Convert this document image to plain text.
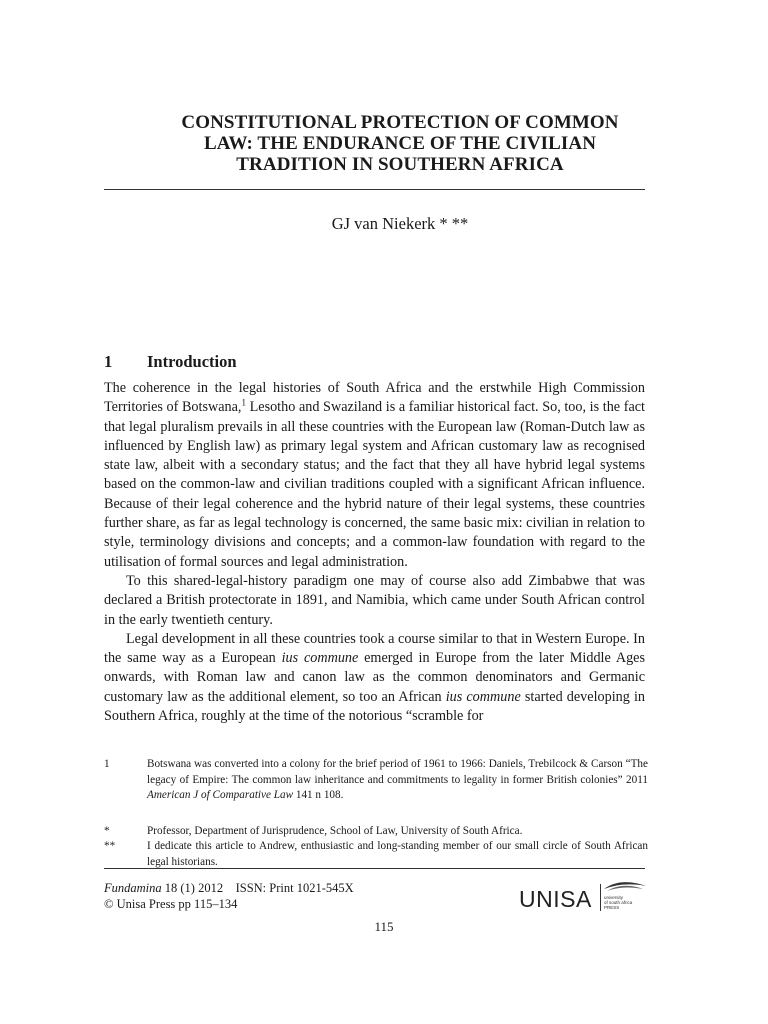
CONSTITUTIONAL PROTECTION OF COMMON
LAW: THE ENDURANCE OF THE CIVILIAN
TRADITION IN SOUTHERN AFRICA
GJ van Niekerk * **
1 Introduction

The coherence in the legal histories of South Africa and the erstwhile High Commission Territories of Botswana,$^1$ Lesotho and Swaziland is a familiar historical fact. So, too, is the fact that legal pluralism prevails in all these countries with the European law (Roman-Dutch law as influenced by English law) as primary legal system and African customary law as recognised state law, albeit with a secondary status; and the fact that they all have hybrid legal systems based on the common-law and civilian traditions coupled with a significant African influence. Because of their legal coherence and the hybrid nature of their legal systems, these countries further share, as far as legal technology is concerned, the same basic mix: civilian in relation to style, terminology divisions and concepts; and a common-law foundation with regard to the utilisation of formal sources and legal administration.

To this shared-legal-history paradigm one may of course also add Zimbabwe that was declared a British protectorate in 1891, and Namibia, which came under South African control in the early twentieth century.

Legal development in all these countries took a course similar to that in Western Europe. In the same way as a European ius commune emerged in Europe from the later Middle Ages onwards, with Roman law and canon law as the common denominators and Germanic customary law as the additional element, so too an African ius commune started developing in Southern Africa, roughly at the time of the notorious “scramble for

1	Botswana was converted into a colony for the brief period of 1961 to 1966: Daniels, Trebilcock & Carson “The legacy of Empire: The common law inheritance and commitments to legality in former British colonies” 2011 American J of Comparative Law 141 n 108.
*	Professor, Department of Jurisprudence, School of Law, University of South Africa.
**	I dedicate this article to Andrew, enthusiastic and long-standing member of our small circle of South African legal historians.
Fundamina 18 (1) 2012 ISSN: Print 1021-545X
© Unisa Press pp 115–134	UNISA	university
of south africa
PRESS
115
